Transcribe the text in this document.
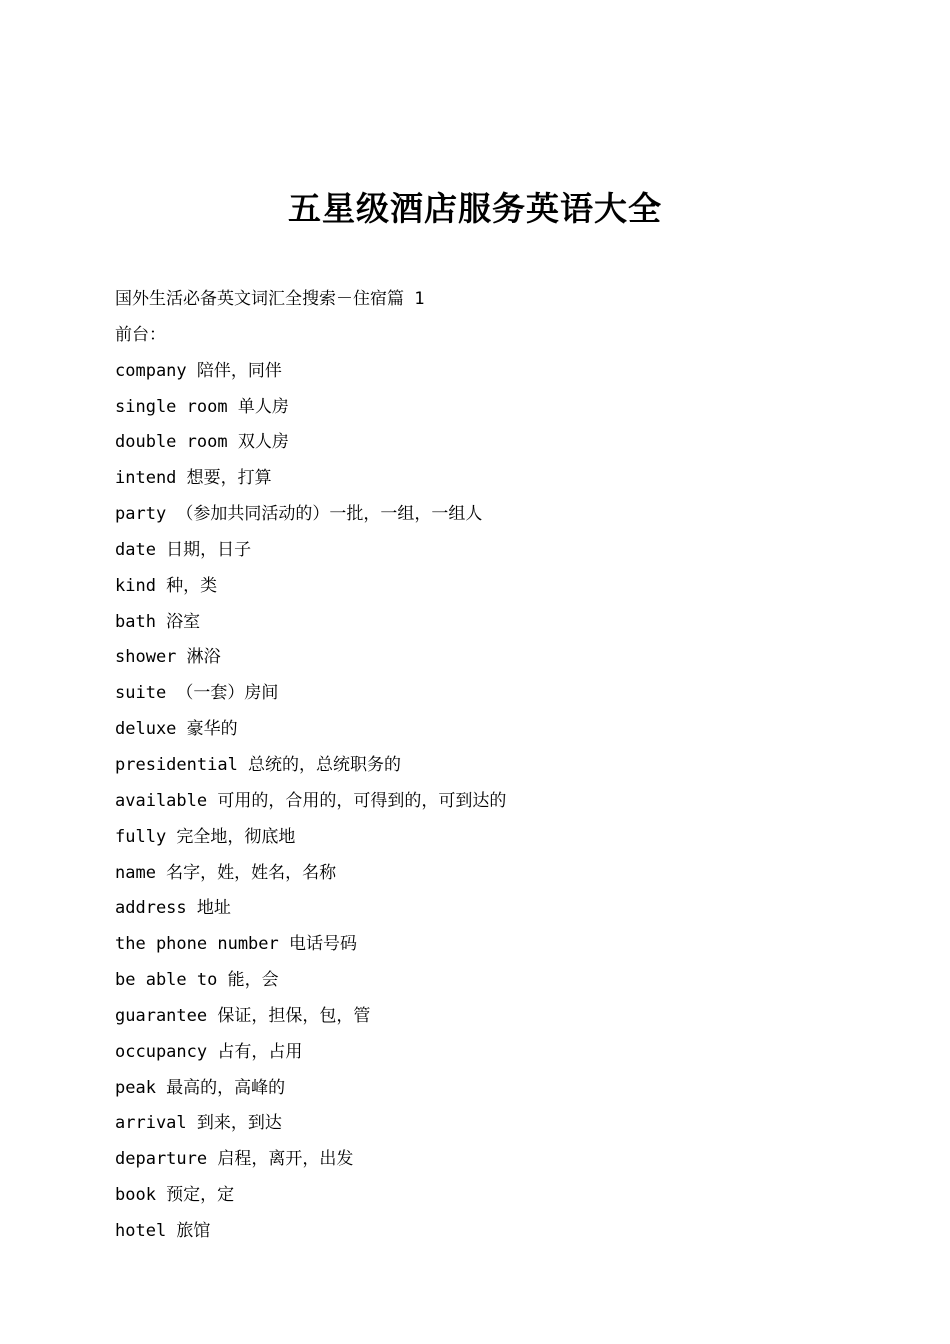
五星级酒店服务英语大全
国外生活必备英文词汇全搜索－住宿篇 1
前台：
company 陪伴，同伴
single room 单人房
double room 双人房
intend 想要，打算
party （参加共同活动的）一批，一组，一组人
date 日期，日子
kind 种，类
bath 浴室
shower 淋浴
suite （一套）房间
deluxe 豪华的
presidential 总统的，总统职务的
available 可用的，合用的，可得到的，可到达的
fully 完全地，彻底地
name 名字，姓，姓名，名称
address 地址
the phone number 电话号码
be able to 能，会
guarantee 保证，担保，包，管
occupancy 占有，占用
peak 最高的，高峰的
arrival 到来，到达
departure 启程，离开，出发
book 预定，定
hotel 旅馆
